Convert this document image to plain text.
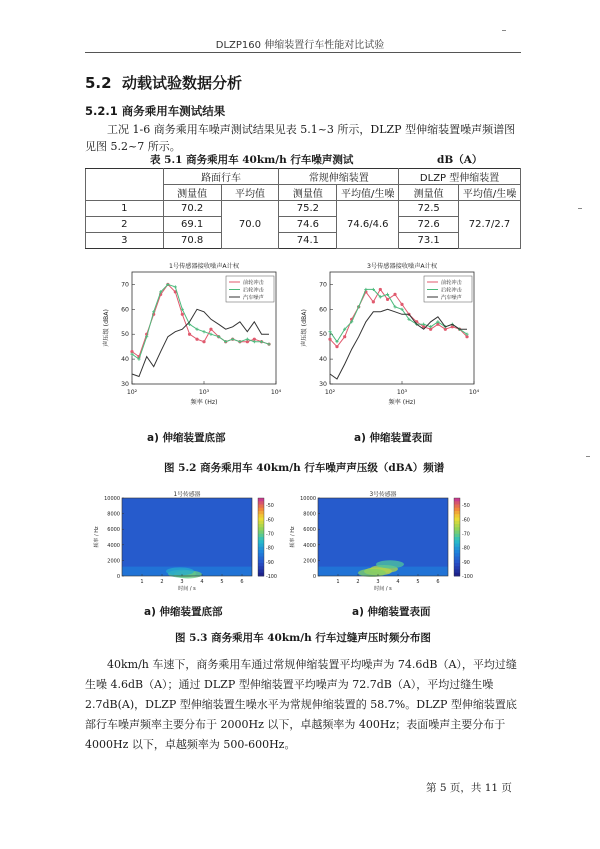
DLZP160 伸缩装置行车性能对比试验
5.2 动载试验数据分析
5.2.1 商务乘用车测试结果
工况 1-6 商务乘用车噪声测试结果见表 5.1~3 所示，DLZP 型伸缩装置噪声频谱图见图 5.2~7 所示。
表 5.1 商务乘用车 40km/h 行车噪声测试	dB（A）
	路面行车		常规伸缩装置		DLZP 型伸缩装置	
	测量值	平均值	测量值	平均值/生噪	测量值	平均值/生噪
1	70.2	70.0	75.2	74.6/4.6	72.5	72.7/2.7
2	69.1		74.6		72.6	
3	70.8		74.1		73.1	
1号传感器接收噪声A计权
30
40
50
60
70
10²	10³	10⁴
频率 (Hz)
声压级 (dBA)
前轮冲击
后轮冲击
汽车噪声
3号传感器接收噪声A计权
30
40
50
60
70
10²	10³	10⁴
频率 (Hz)
声压级 (dBA)
前轮冲击
后轮冲击
汽车噪声
a) 伸缩装置底部	a) 伸缩装置表面
图 5.2 商务乘用车 40km/h 行车噪声声压级（dBA）频谱
1号传感器
0
2000
4000
6000
8000
10000
1	2	3	4	5	6
时间 / s
频率 / Hz
-50
-60
-70
-80
-90
-100
3号传感器
0
2000
4000
6000
8000
10000
1	2	3	4	5	6
时间 / s
频率 / Hz
-50
-60
-70
-80
-90
-100
a) 伸缩装置底部	a) 伸缩装置表面
图 5.3 商务乘用车 40km/h 行车过缝声压时频分布图
40km/h 车速下，商务乘用车通过常规伸缩装置平均噪声为 74.6dB（A），平均过缝生噪 4.6dB（A）；通过 DLZP 型伸缩装置平均噪声为 72.7dB（A），平均过缝生噪 2.7dB(A)，DLZP 型伸缩装置生噪水平为常规伸缩装置的 58.7%。DLZP 型伸缩装置底部行车噪声频率主要分布于 2000Hz 以下，卓越频率为 400Hz；表面噪声主要分布于 4000Hz 以下，卓越频率为 500-600Hz。
第 5 页，共 11 页
